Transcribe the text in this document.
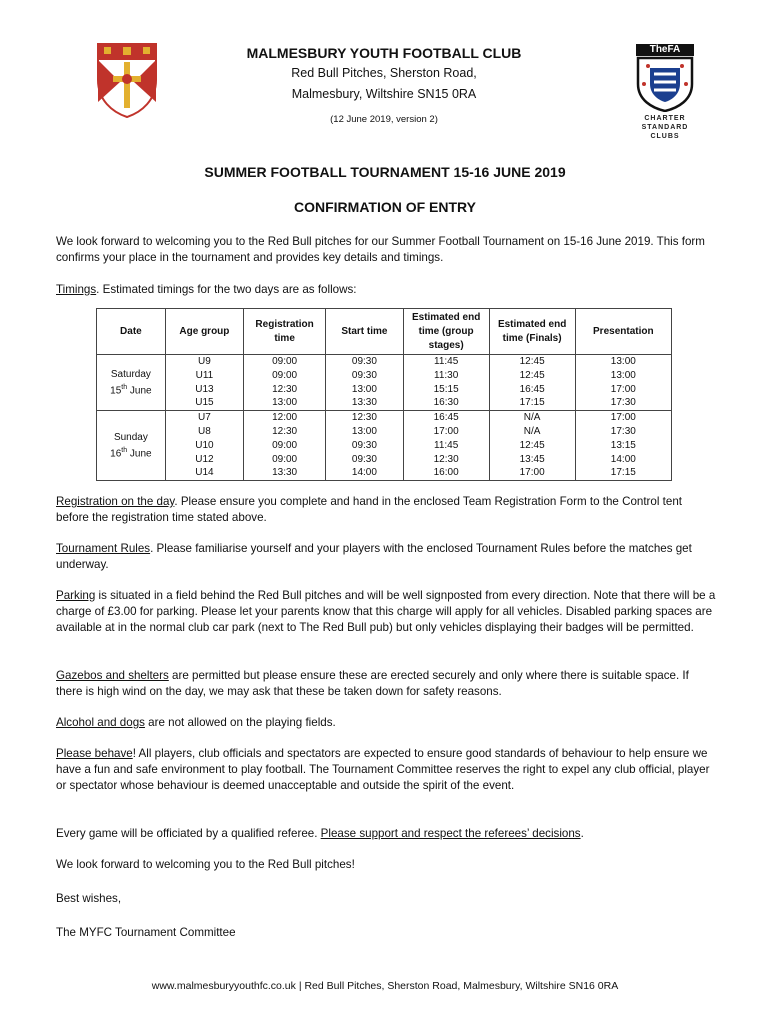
TheFA
CHARTER
STANDARD
CLUBS
MALMESBURY YOUTH FOOTBALL CLUB
Red Bull Pitches, Sherston Road,
Malmesbury, Wiltshire SN15 0RA
(12 June 2019, version 2)
SUMMER FOOTBALL TOURNAMENT 15-16 JUNE 2019
CONFIRMATION OF ENTRY
We look forward to welcoming you to the Red Bull pitches for our Summer Football Tournament on 15-16 June 2019. This form confirms your place in the tournament and provides key details and timings.
Timings. Estimated timings for the two days are as follows:
Date	Age group	Registration time	Start time	Estimated end time (group stages)	Estimated end time (Finals)	Presentation

Saturday
15th June	U9	09:00	09:30	11:45	12:45	13:00
	U11	09:00	09:30	11:30	12:45	13:00
	U13	12:30	13:00	15:15	16:45	17:00
	U15	13:00	13:30	16:30	17:15	17:30

Sunday
16th June	U7	12:00	12:30	16:45	N/A	17:00
	U8	12:30	13:00	17:00	N/A	17:30
	U10	09:00	09:30	11:45	12:45	13:15
	U12	09:00	09:30	12:30	13:45	14:00
	U14	13:30	14:00	16:00	17:00	17:15
Registration on the day. Please ensure you complete and hand in the enclosed Team Registration Form to the Control tent before the registration time stated above.
Tournament Rules. Please familiarise yourself and your players with the enclosed Tournament Rules before the matches get underway.
Parking is situated in a field behind the Red Bull pitches and will be well signposted from every direction. Note that there will be a charge of £3.00 for parking. Please let your parents know that this charge will apply for all vehicles. Disabled parking spaces are available at in the normal club car park (next to The Red Bull pub) but only vehicles displaying their badges will be permitted.
Gazebos and shelters are permitted but please ensure these are erected securely and only where there is suitable space. If there is high wind on the day, we may ask that these be taken down for safety reasons.
Alcohol and dogs are not allowed on the playing fields.
Please behave! All players, club officials and spectators are expected to ensure good standards of behaviour to help ensure we have a fun and safe environment to play football. The Tournament Committee reserves the right to expel any club official, player or spectator whose behaviour is deemed unacceptable and outside the spirit of the event.
Every game will be officiated by a qualified referee. Please support and respect the referees’ decisions.
We look forward to welcoming you to the Red Bull pitches!
Best wishes,
The MYFC Tournament Committee
www.malmesburyyouthfc.co.uk | Red Bull Pitches, Sherston Road, Malmesbury, Wiltshire SN16 0RA
